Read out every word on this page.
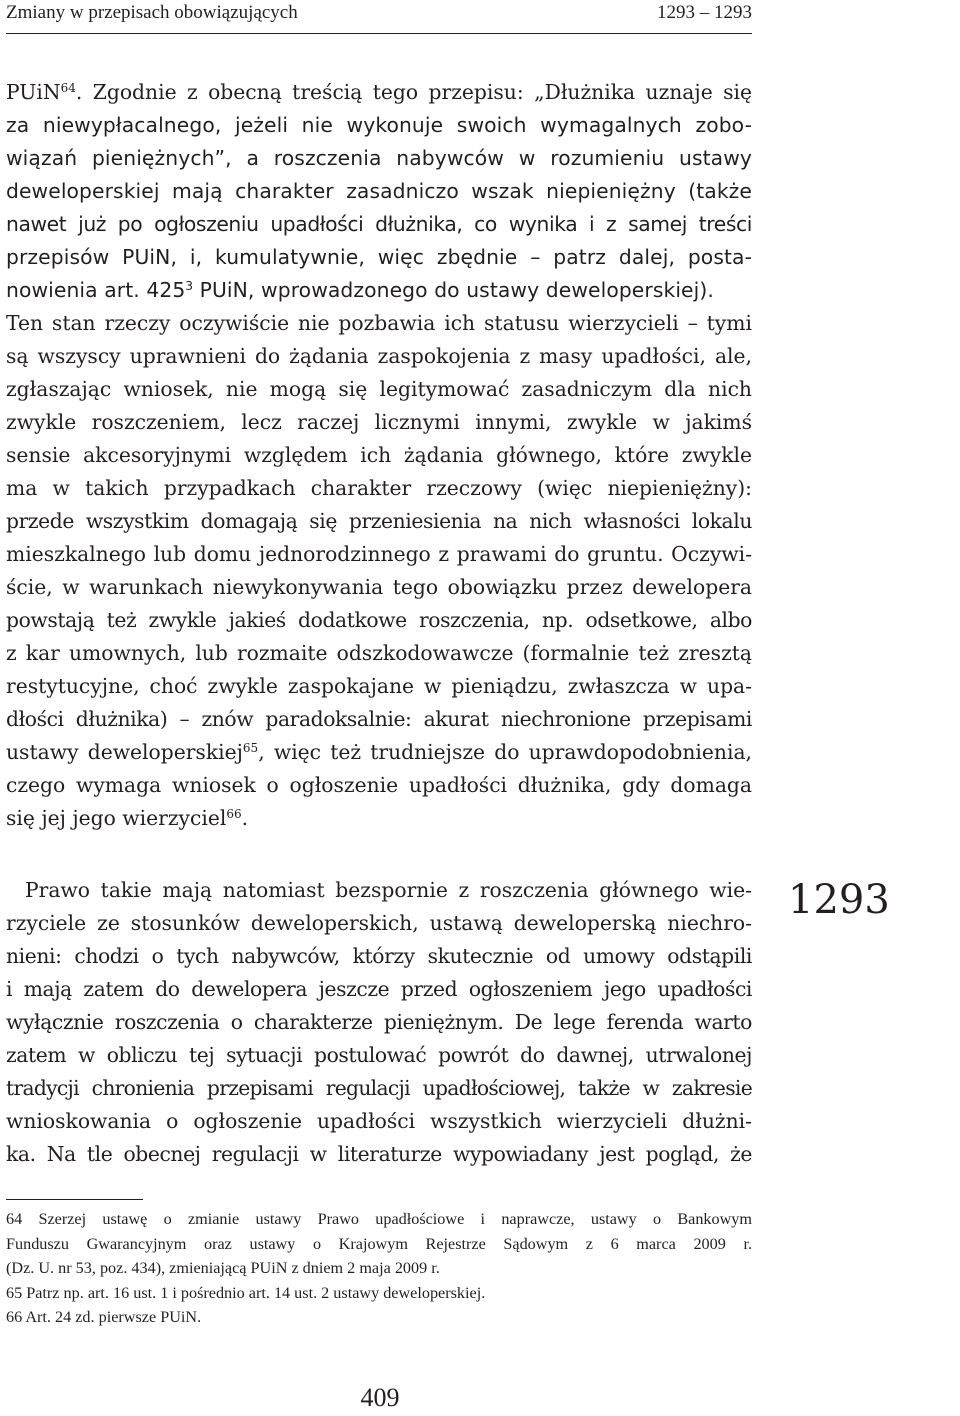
Zmiany w przepisach obowiązujących	1293 – 1293
PUiN$^{64}$. Zgodnie z obecną treścią tego przepisu: „Dłużnika uznaje się
za niewypłacalnego, jeżeli nie wykonuje swoich wymagalnych zobo-
wiązań pieniężnych”, a roszczenia nabywców w rozumieniu ustawy
deweloperskiej mają charakter zasadniczo wszak niepieniężny (także
nawet już po ogłoszeniu upadłości dłużnika, co wynika i z samej treści
przepisów PUiN, i, kumulatywnie, więc zbędnie – patrz dalej, posta-
nowienia art. $425^3$ PUiN, wprowadzonego do ustawy deweloperskiej).
Ten stan rzeczy oczywiście nie pozbawia ich statusu wierzycieli – tymi
są wszyscy uprawnieni do żądania zaspokojenia z masy upadłości, ale,
zgłaszając wniosek, nie mogą się legitymować zasadniczym dla nich
zwykle roszczeniem, lecz raczej licznymi innymi, zwykle w jakimś
sensie akcesoryjnymi względem ich żądania głównego, które zwykle
ma w takich przypadkach charakter rzeczowy (więc niepieniężny):
przede wszystkim domagają się przeniesienia na nich własności lokalu
mieszkalnego lub domu jednorodzinnego z prawami do gruntu. Oczywi-
ście, w warunkach niewykonywania tego obowiązku przez dewelopera
powstają też zwykle jakieś dodatkowe roszczenia, np. odsetkowe, albo
z kar umownych, lub rozmaite odszkodowawcze (formalnie też zresztą
restytucyjne, choć zwykle zaspokajane w pieniądzu, zwłaszcza w upa-
dłości dłużnika) – znów paradoksalnie: akurat niechronione przepisami
ustawy deweloperskiej$^{65}$, więc też trudniejsze do uprawdopodobnienia,
czego wymaga wniosek o ogłoszenie upadłości dłużnika, gdy domaga
się jej jego wierzyciel$^{66}$.
Prawo takie mają natomiast bezspornie z roszczenia głównego wie-
rzyciele ze stosunków deweloperskich, ustawą deweloperską niechro-
nieni: chodzi o tych nabywców, którzy skutecznie od umowy odstąpili
i mają zatem do dewelopera jeszcze przed ogłoszeniem jego upadłości
wyłącznie roszczenia o charakterze pieniężnym. De lege ferenda warto
zatem w obliczu tej sytuacji postulować powrót do dawnej, utrwalonej
tradycji chronienia przepisami regulacji upadłościowej, także w zakresie
wnioskowania o ogłoszenie upadłości wszystkich wierzycieli dłużni-
ka. Na tle obecnej regulacji w literaturze wypowiadany jest pogląd, że
1293
64 Szerzej ustawę o zmianie ustawy Prawo upadłościowe i naprawcze, ustawy o Bankowym
Funduszu Gwarancyjnym oraz ustawy o Krajowym Rejestrze Sądowym z 6 marca 2009 r.
(Dz. U. nr 53, poz. 434), zmieniającą PUiN z dniem 2 maja 2009 r.
65 Patrz np. art. 16 ust. 1 i pośrednio art. 14 ust. 2 ustawy deweloperskiej.
66 Art. 24 zd. pierwsze PUiN.
409
